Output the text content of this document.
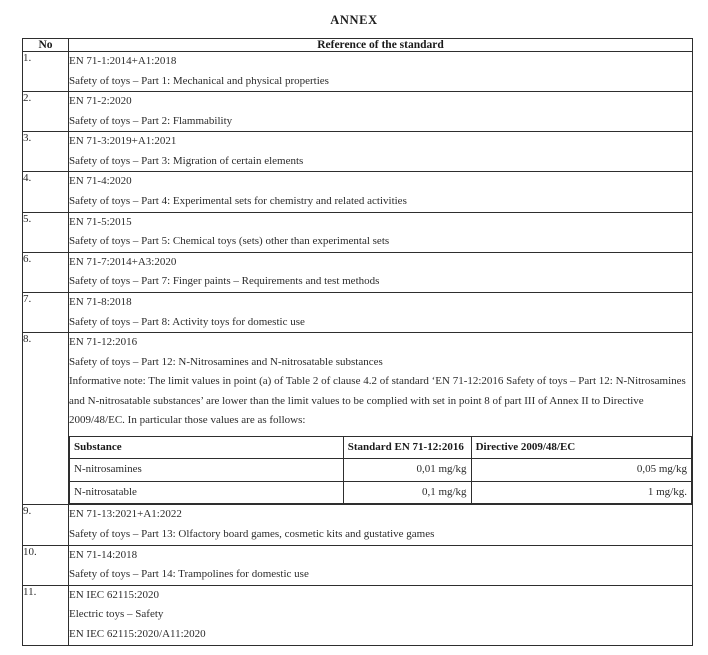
ANNEX
No	Reference of the standard
1.	EN 71-1:2014+A1:2018
Safety of toys – Part 1: Mechanical and physical properties

2.	EN 71-2:2020
Safety of toys – Part 2: Flammability

3.	EN 71-3:2019+A1:2021
Safety of toys – Part 3: Migration of certain elements

4.	EN 71-4:2020
Safety of toys – Part 4: Experimental sets for chemistry and related activities

5.	EN 71-5:2015
Safety of toys – Part 5: Chemical toys (sets) other than experimental sets

6.	EN 71-7:2014+A3:2020
Safety of toys – Part 7: Finger paints – Requirements and test methods

7.	EN 71-8:2018
Safety of toys – Part 8: Activity toys for domestic use

8.	EN 71-12:2016
Safety of toys – Part 12: N-Nitrosamines and N-nitrosatable substances
Informative note: The limit values in point (a) of Table 2 of clause 4.2 of standard ‘EN 71-12:2016 Safety of toys – Part 12: N-Nitrosamines and N-nitrosatable substances’ are lower than the limit values to be complied with set in point 8 of part III of Annex II to Directive 2009/48/EC. In particular those values are as follows:
Substance	Standard EN 71-12:2016	Directive 2009/48/EC
N-nitrosamines	0,01 mg/kg	0,05 mg/kg
N-nitrosatable	0,1 mg/kg	1 mg/kg.

9.	EN 71-13:2021+A1:2022
Safety of toys – Part 13: Olfactory board games, cosmetic kits and gustative games

10.	EN 71-14:2018
Safety of toys – Part 14: Trampolines for domestic use

11.	EN IEC 62115:2020
Electric toys – Safety
EN IEC 62115:2020/A11:2020
